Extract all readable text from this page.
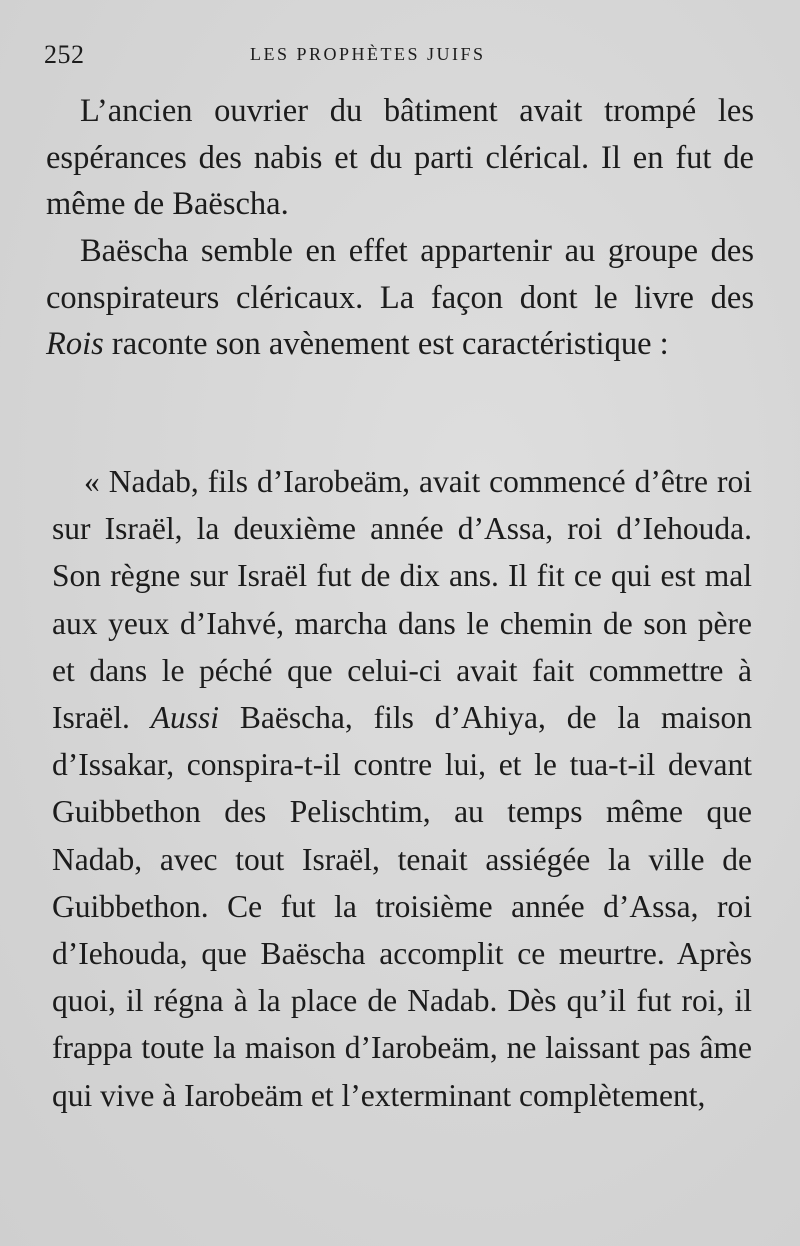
252	LES PROPHÈTES JUIFS

L’ancien ouvrier du bâtiment avait trompé les espérances des nabis et du parti clérical. Il en fut de même de Baëscha.

Baëscha semble en effet appartenir au groupe des conspirateurs cléricaux. La façon dont le livre des Rois raconte son avènement est caractéristique :

« Nadab, fils d’Iarobeäm, avait commencé d’être roi sur Israël, la deuxième année d’Assa, roi d’Iehouda. Son règne sur Israël fut de dix ans. Il fit ce qui est mal aux yeux d’Iahvé, marcha dans le chemin de son père et dans le péché que celui-ci avait fait commettre à Israël. Aussi Baëscha, fils d’Ahiya, de la maison d’Issakar, conspira-t-il contre lui, et le tua-t-il devant Guibbethon des Pelischtim, au temps même que Nadab, avec tout Israël, tenait assiégée la ville de Guibbethon. Ce fut la troisième année d’Assa, roi d’Iehouda, que Baëscha accomplit ce meurtre. Après quoi, il régna à la place de Nadab. Dès qu’il fut roi, il frappa toute la maison d’Iarobeäm, ne laissant pas âme qui vive à Iarobeäm et l’exterminant complètement,
